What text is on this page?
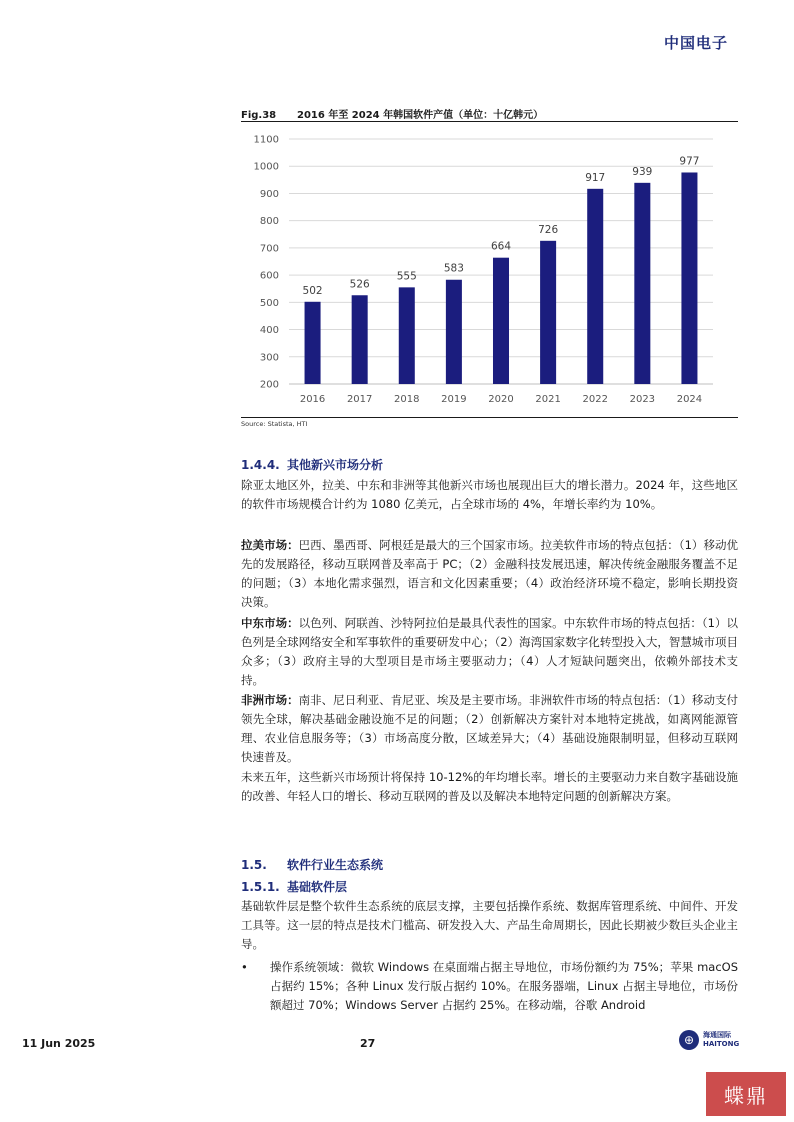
中国电子
Fig.38 2016 年至 2024 年韩国软件产值（单位：十亿韩元）
200
300
400
500
600
700
800
900
1000
1100
502
526
555
583
664
726
917	939
977
2016 2017 2018 2019 2020 2021 2022 2023 2024
Source: Statista, HTI
1.4.4. 其他新兴市场分析
除亚太地区外，拉美、中东和非洲等其他新兴市场也展现出巨大的增长潜力。2024 年，这些地区的软件市场规模合计约为 1080 亿美元，占全球市场的 4%，年增长率约为 10%。
拉美市场：巴西、墨西哥、阿根廷是最大的三个国家市场。拉美软件市场的特点包括：（1）移动优先的发展路径，移动互联网普及率高于 PC；（2）金融科技发展迅速，解决传统金融服务覆盖不足的问题；（3）本地化需求强烈，语言和文化因素重要；（4）政治经济环境不稳定，影响长期投资决策。
中东市场：以色列、阿联酋、沙特阿拉伯是最具代表性的国家。中东软件市场的特点包括：（1）以色列是全球网络安全和军事软件的重要研发中心；（2）海湾国家数字化转型投入大，智慧城市项目众多；（3）政府主导的大型项目是市场主要驱动力；（4）人才短缺问题突出，依赖外部技术支持。
非洲市场：南非、尼日利亚、肯尼亚、埃及是主要市场。非洲软件市场的特点包括：（1）移动支付领先全球，解决基础金融设施不足的问题；（2）创新解决方案针对本地特定挑战，如离网能源管理、农业信息服务等；（3）市场高度分散，区域差异大；（4）基础设施限制明显，但移动互联网快速普及。
未来五年，这些新兴市场预计将保持 10-12%的年均增长率。增长的主要驱动力来自数字基础设施的改善、年轻人口的增长、移动互联网的普及以及解决本地特定问题的创新解决方案。
1.5. 软件行业生态系统
1.5.1. 基础软件层
基础软件层是整个软件生态系统的底层支撑，主要包括操作系统、数据库管理系统、中间件、开发工具等。这一层的特点是技术门槛高、研发投入大、产品生命周期长，因此长期被少数巨头企业主导。
• 操作系统领域：微软 Windows 在桌面端占据主导地位，市场份额约为 75%；苹果 macOS 占据约 15%；各种 Linux 发行版占据约 10%。在服务器端，Linux 占据主导地位，市场份额超过 70%；Windows Server 占据约 25%。在移动端，谷歌 Android
11 Jun 2025	27	⊕	海通国际
HAITONG
蝶鼎
